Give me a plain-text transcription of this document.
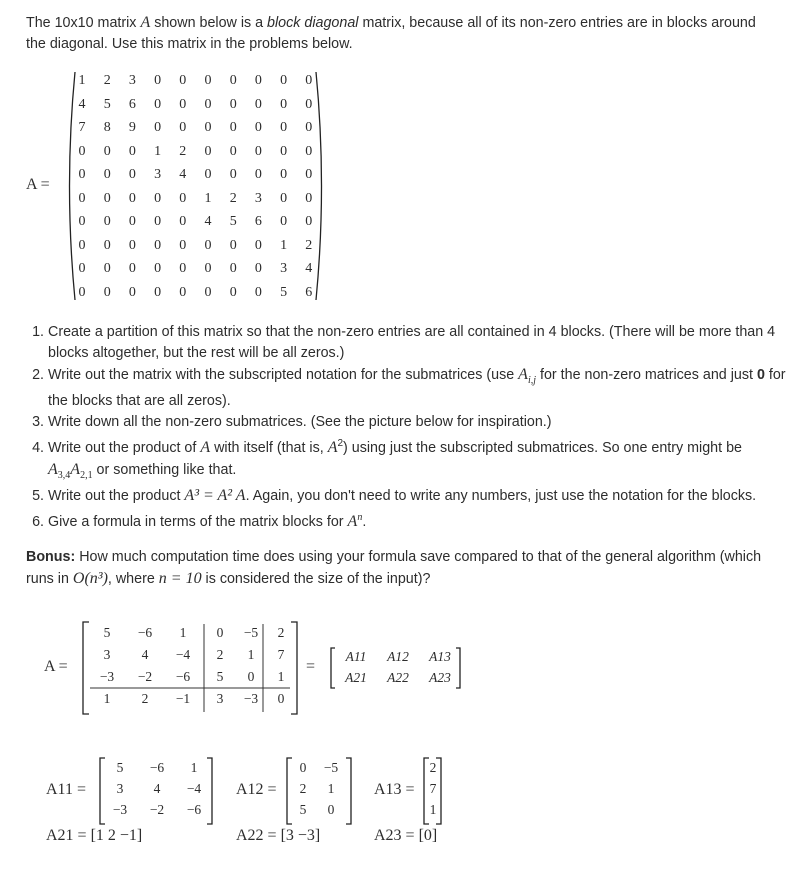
The 10x10 matrix A shown below is a block diagonal matrix, because all of its non-zero entries are in blocks around the diagonal. Use this matrix in the problems below.
A =
1	2	3	0	0	0	0	0	0	0
4	5	6	0	0	0	0	0	0	0
7	8	9	0	0	0	0	0	0	0
0	0	0	1	2	0	0	0	0	0
0	0	0	3	4	0	0	0	0	0
0	0	0	0	0	1	2	3	0	0
0	0	0	0	0	4	5	6	0	0
0	0	0	0	0	0	0	0	1	2
0	0	0	0	0	0	0	0	3	4
0	0	0	0	0	0	0	0	5	6
1. Create a partition of this matrix so that the non-zero entries are all contained in 4 blocks. (There will be more than 4 blocks altogether, but the rest will be all zeros.)
2. Write out the matrix with the subscripted notation for the submatrices (use $A_{i,j}$ for the non-zero matrices and just 0 for the blocks that are all zeros).
3. Write down all the non-zero submatrices. (See the picture below for inspiration.)
4. Write out the product of A with itself (that is, $A^2$) using just the subscripted submatrices. So one entry might be $A_{3,4}A_{2,1}$ or something like that.
5. Write out the product A³ = A² A. Again, you don't need to write any numbers, just use the notation for the blocks.
6. Give a formula in terms of the matrix blocks for $A^n$.
Bonus: How much computation time does using your formula save compared to that of the general algorithm (which runs in O(n³), where n = 10 is considered the size of the input)?
A =
5	−6	1	0	−5	2
3	4	−4	2	1	7
−3	−2	−6	5	0	1
1	2	−1	3	−3	0
=
A11	A12	A13
A21	A22	A23
A11 =
5	−6	1
3	4	−4
−3	−2	−6
A12 =
0	−5
2	1
5	0
A13 =
2
7
1
A21 = [1 2 −1]	A22 = [3 −3]	A23 = [0]
